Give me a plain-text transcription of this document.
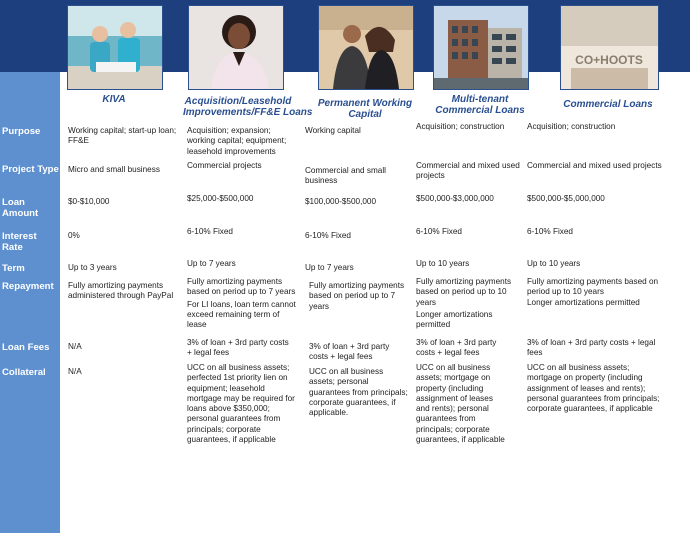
CO+HOOTS
KIVA	Acquisition/Leasehold
Improvements/FF&E Loans
Permanent Working
Capital
Multi-tenant
Commercial Loans
Commercial Loans
Purpose
Project Type
Loan Amount
Interest Rate
Term
Repayment
Loan Fees
Collateral
Working capital; start-up loan; FF&E
Micro and small business
$0-$10,000
0%
Up to 3 years

Fully amortizing payments administered through PayPal

N/A
N/A
Acquisition; expansion; working capital; equipment; leasehold improvements
Commercial projects
$25,000-$500,000
6-10% Fixed
Up to 7 years

Fully amortizing payments based on period up to 7 years

For LI loans, loan term cannot exceed remaining term of lease

3% of loan + 3rd party costs + legal fees
UCC on all business assets; perfected 1st priority lien on equipment; leasehold mortgage may be required for loans above $350,000; personal guarantees from principals; corporate guarantees, if applicable
Working capital
Commercial and small business
$100,000-$500,000
6-10% Fixed
Up to 7 years

Fully amortizing payments based on period up to 7 years

3% of loan + 3rd party costs + legal fees
UCC on all business assets; personal guarantees from principals; corporate guarantees, if applicable.
Acquisition; construction
Commercial and mixed used projects
$500,000-$3,000,000
6-10% Fixed
Up to 10 years

Fully amortizing payments based on period up to 10 years

Longer amortizations permitted

3% of loan + 3rd party costs + legal fees
UCC on all business assets; mortgage on property (including assignment of leases and rents); personal guarantees from principals; corporate guarantees, if applicable
Acquisition; construction
Commercial and mixed used projects
$500,000-$5,000,000
6-10% Fixed
Up to 10 years

Fully amortizing payments based on period up to 10 years

Longer amortizations permitted

3% of loan + 3rd party costs + legal fees
UCC on all business assets; mortgage on property (including assignment of leases and rents); personal guarantees from principals; corporate guarantees, if applicable
